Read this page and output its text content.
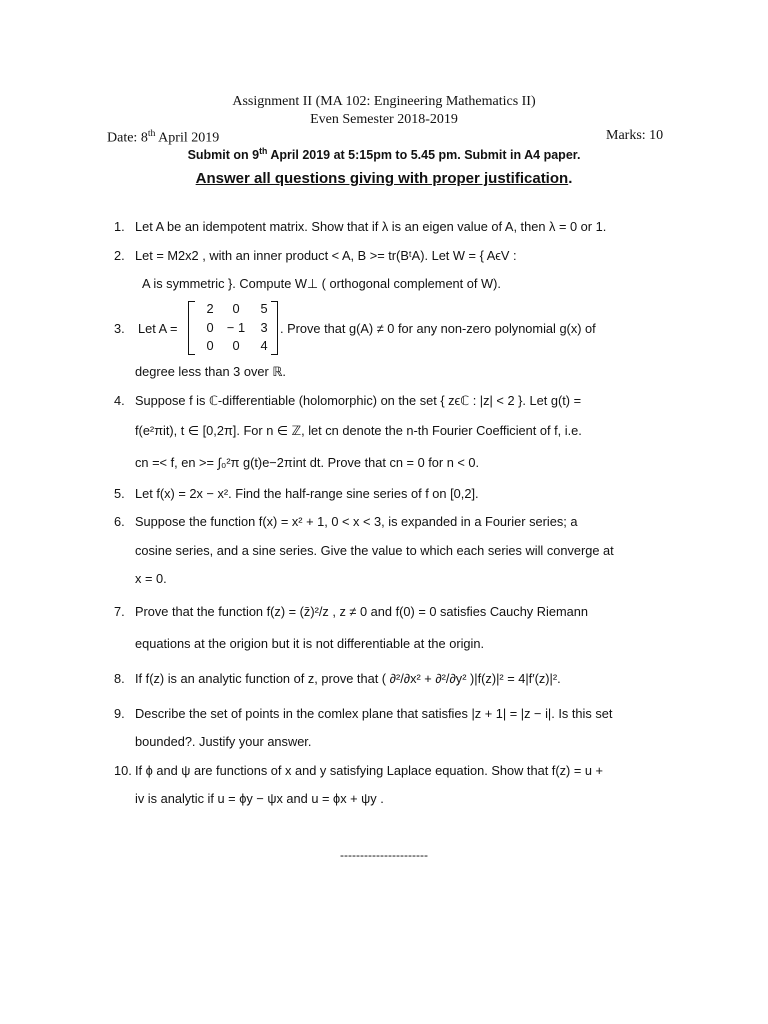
Assignment II (MA 102: Engineering Mathematics II)
Even Semester 2018-2019
Date: 8th April 2019	Marks: 10
Submit on 9th April 2019 at 5:15pm to 5.45 pm. Submit in A4 paper.
Answer all questions giving with proper justification.
1. Let A be an idempotent matrix. Show that if λ is an eigen value of A, then λ = 0 or 1.
2. Let = M2x2 , with an inner product < A, B >= tr(BᵗA). Let W = { AϵV :
A is symmetric }. Compute W⊥ ( orthogonal complement of W).
3. Let A =
2	0	5
0	− 1	3
0	0	4
. Prove that g(A) ≠ 0 for any non-zero polynomial g(x) of
degree less than 3 over ℝ.
4. Suppose f is ℂ-differentiable (holomorphic) on the set { zϵℂ : |z| < 2 }. Let g(t) =
f(e²πit), t ∈ [0,2π]. For n ∈ ℤ, let cn denote the n-th Fourier Coefficient of f, i.e.
cn =< f, en >= ∫₀²π g(t)e−2πint dt. Prove that cn = 0 for n < 0.
5. Let f(x) = 2x − x². Find the half-range sine series of f on [0,2].
6. Suppose the function f(x) = x² + 1, 0 < x < 3, is expanded in a Fourier series; a
cosine series, and a sine series. Give the value to which each series will converge at
x = 0.
7. Prove that the function f(z) = (z̄)²/z , z ≠ 0 and f(0) = 0 satisfies Cauchy Riemann
equations at the origion but it is not differentiable at the origin.
8. If f(z) is an analytic function of z, prove that ( ∂²/∂x² + ∂²/∂y² )|f(z)|² = 4|f′(z)|².
9. Describe the set of points in the comlex plane that satisfies |z + 1| = |z − i|. Is this set
bounded?. Justify your answer.
10. If ϕ and ψ are functions of x and y satisfying Laplace equation. Show that f(z) = u +
iv is analytic if u = ϕy − ψx and u = ϕx + ψy .
----------------------
